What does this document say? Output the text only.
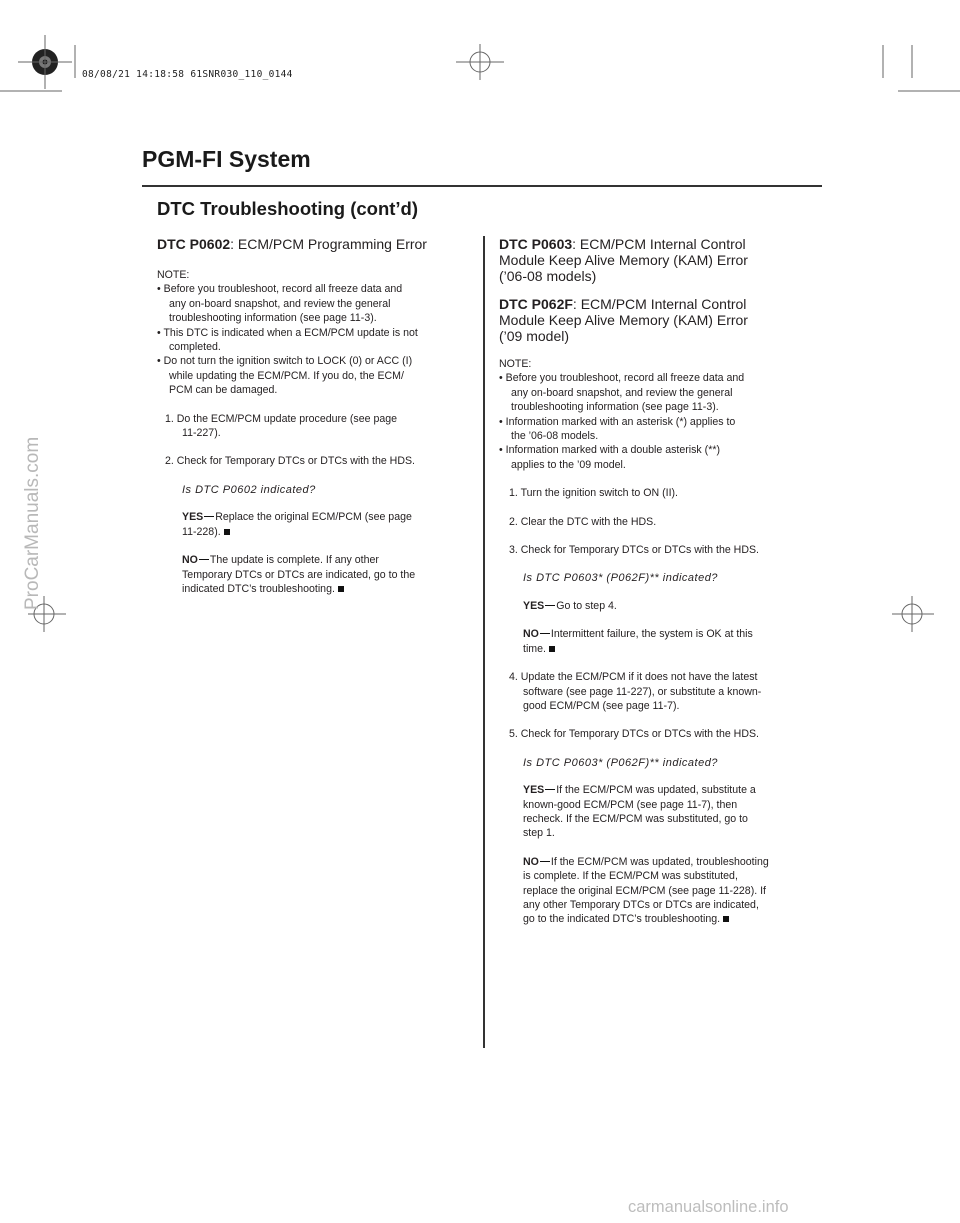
08/08/21 14:18:58 61SNR030_110_0144
PGM-FI System
DTC Troubleshooting (cont’d)
DTC P0602: ECM/PCM Programming Error
NOTE:
• Before you troubleshoot, record all freeze data and
any on-board snapshot, and review the general
troubleshooting information (see page 11-3).
• This DTC is indicated when a ECM/PCM update is not
completed.
• Do not turn the ignition switch to LOCK (0) or ACC (I)
while updating the ECM/PCM. If you do, the ECM/
PCM can be damaged.
1. Do the ECM/PCM update procedure (see page
11-227).
2. Check for Temporary DTCs or DTCs with the HDS.
Is DTC P0602 indicated?
YES Replace the original ECM/PCM (see page
11-228).
NO The update is complete. If any other
Temporary DTCs or DTCs are indicated, go to the
indicated DTC’s troubleshooting.
DTC P0603: ECM/PCM Internal Control
Module Keep Alive Memory (KAM) Error
(’06-08 models)
DTC P062F: ECM/PCM Internal Control
Module Keep Alive Memory (KAM) Error
(’09 model)
NOTE:
• Before you troubleshoot, record all freeze data and
any on-board snapshot, and review the general
troubleshooting information (see page 11-3).
• Information marked with an asterisk (*) applies to
the ’06-08 models.
• Information marked with a double asterisk (**)
applies to the ’09 model.
1. Turn the ignition switch to ON (II).
2. Clear the DTC with the HDS.
3. Check for Temporary DTCs or DTCs with the HDS.
Is DTC P0603* (P062F)** indicated?
YES Go to step 4.
NO Intermittent failure, the system is OK at this
time.
4. Update the ECM/PCM if it does not have the latest
software (see page 11-227), or substitute a known-
good ECM/PCM (see page 11-7).
5. Check for Temporary DTCs or DTCs with the HDS.
Is DTC P0603* (P062F)** indicated?
YES If the ECM/PCM was updated, substitute a
known-good ECM/PCM (see page 11-7), then
recheck. If the ECM/PCM was substituted, go to
step 1.
NO If the ECM/PCM was updated, troubleshooting
is complete. If the ECM/PCM was substituted,
replace the original ECM/PCM (see page 11-228). If
any other Temporary DTCs or DTCs are indicated,
go to the indicated DTC’s troubleshooting.
ProCarManuals.com
carmanualsonline.info
